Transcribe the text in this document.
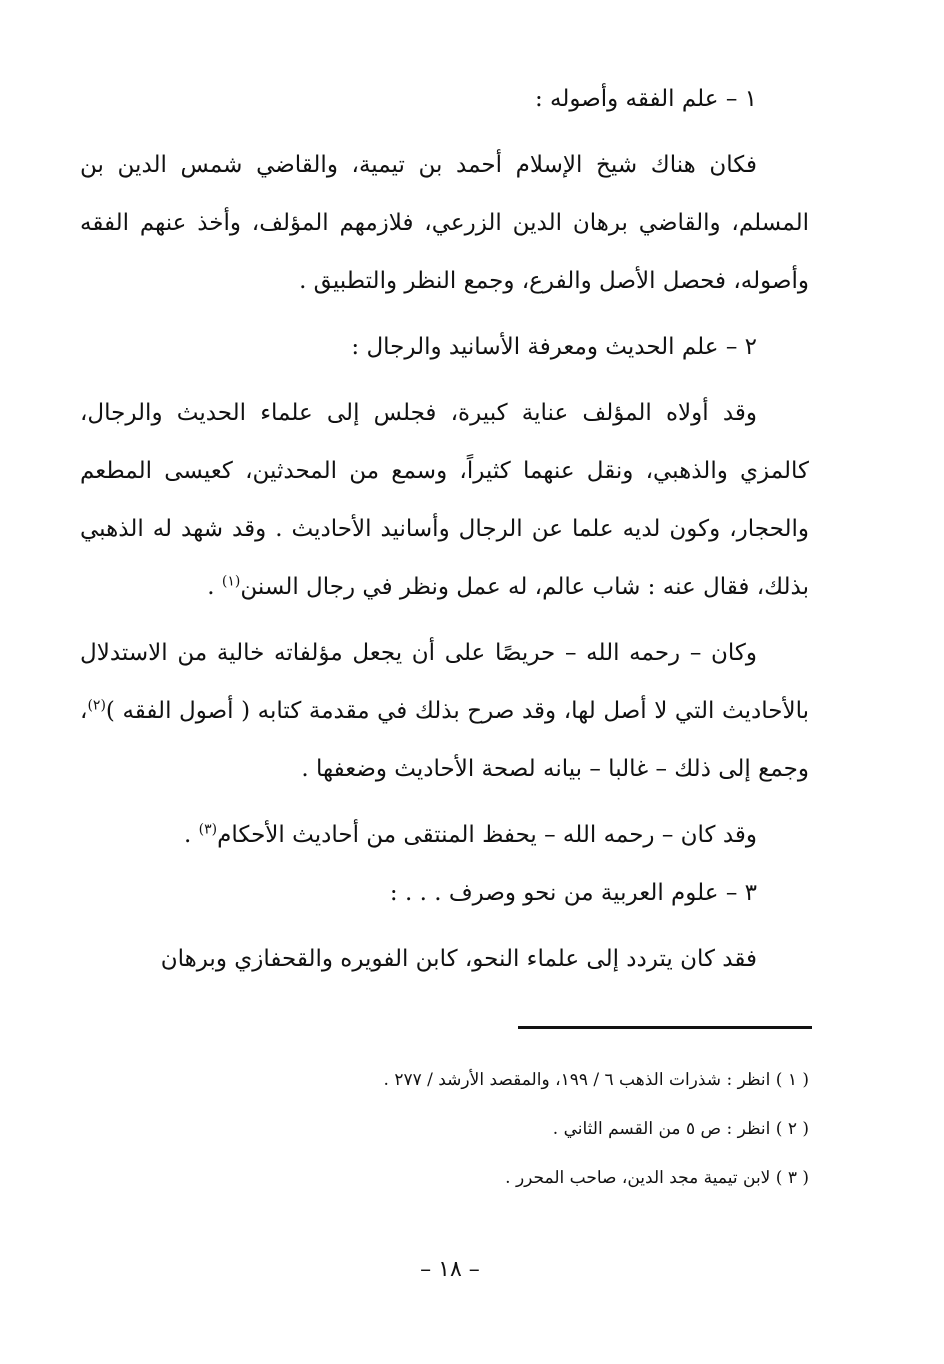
١ – علم الفقه وأصوله :

فكان هناك شيخ الإسلام أحمد بن تيمية، والقاضي شمس الدين بن المسلم، والقاضي برهان الدين الزرعي، فلازمهم المؤلف، وأخذ عنهم الفقه وأصوله، فحصل الأصل والفرع، وجمع النظر والتطبيق .

٢ – علم الحديث ومعرفة الأسانيد والرجال :

وقد أولاه المؤلف عناية كبيرة، فجلس إلى علماء الحديث والرجال، كالمزي والذهبي، ونقل عنهما كثيراً، وسمع من المحدثين، كعيسى المطعم والحجار، وكون لديه علما عن الرجال وأسانيد الأحاديث . وقد شهد له الذهبي بذلك، فقال عنه : شاب عالم، له عمل ونظر في رجال السنن$^{(١)}$ .

وكان – رحمه الله – حريصًا على أن يجعل مؤلفاته خالية من الاستدلال بالأحاديث التي لا أصل لها، وقد صرح بذلك في مقدمة كتابه ( أصول الفقه )$^{(٢)}$، وجمع إلى ذلك – غالبا – بيانه لصحة الأحاديث وضعفها .

وقد كان – رحمه الله – يحفظ المنتقى من أحاديث الأحكام$^{(٣)}$ .

٣ – علوم العربية من نحو وصرف . . . :

فقد كان يتردد إلى علماء النحو، كابن الفويره والقحفازي وبرهان

( ١ ) انظر : شذرات الذهب ٦ / ١٩٩، والمقصد الأرشد / ٢٧٧ .

( ٢ ) انظر : ص ٥ من القسم الثاني .

( ٣ ) لابن تيمية مجد الدين، صاحب المحرر .

– ١٨ –
